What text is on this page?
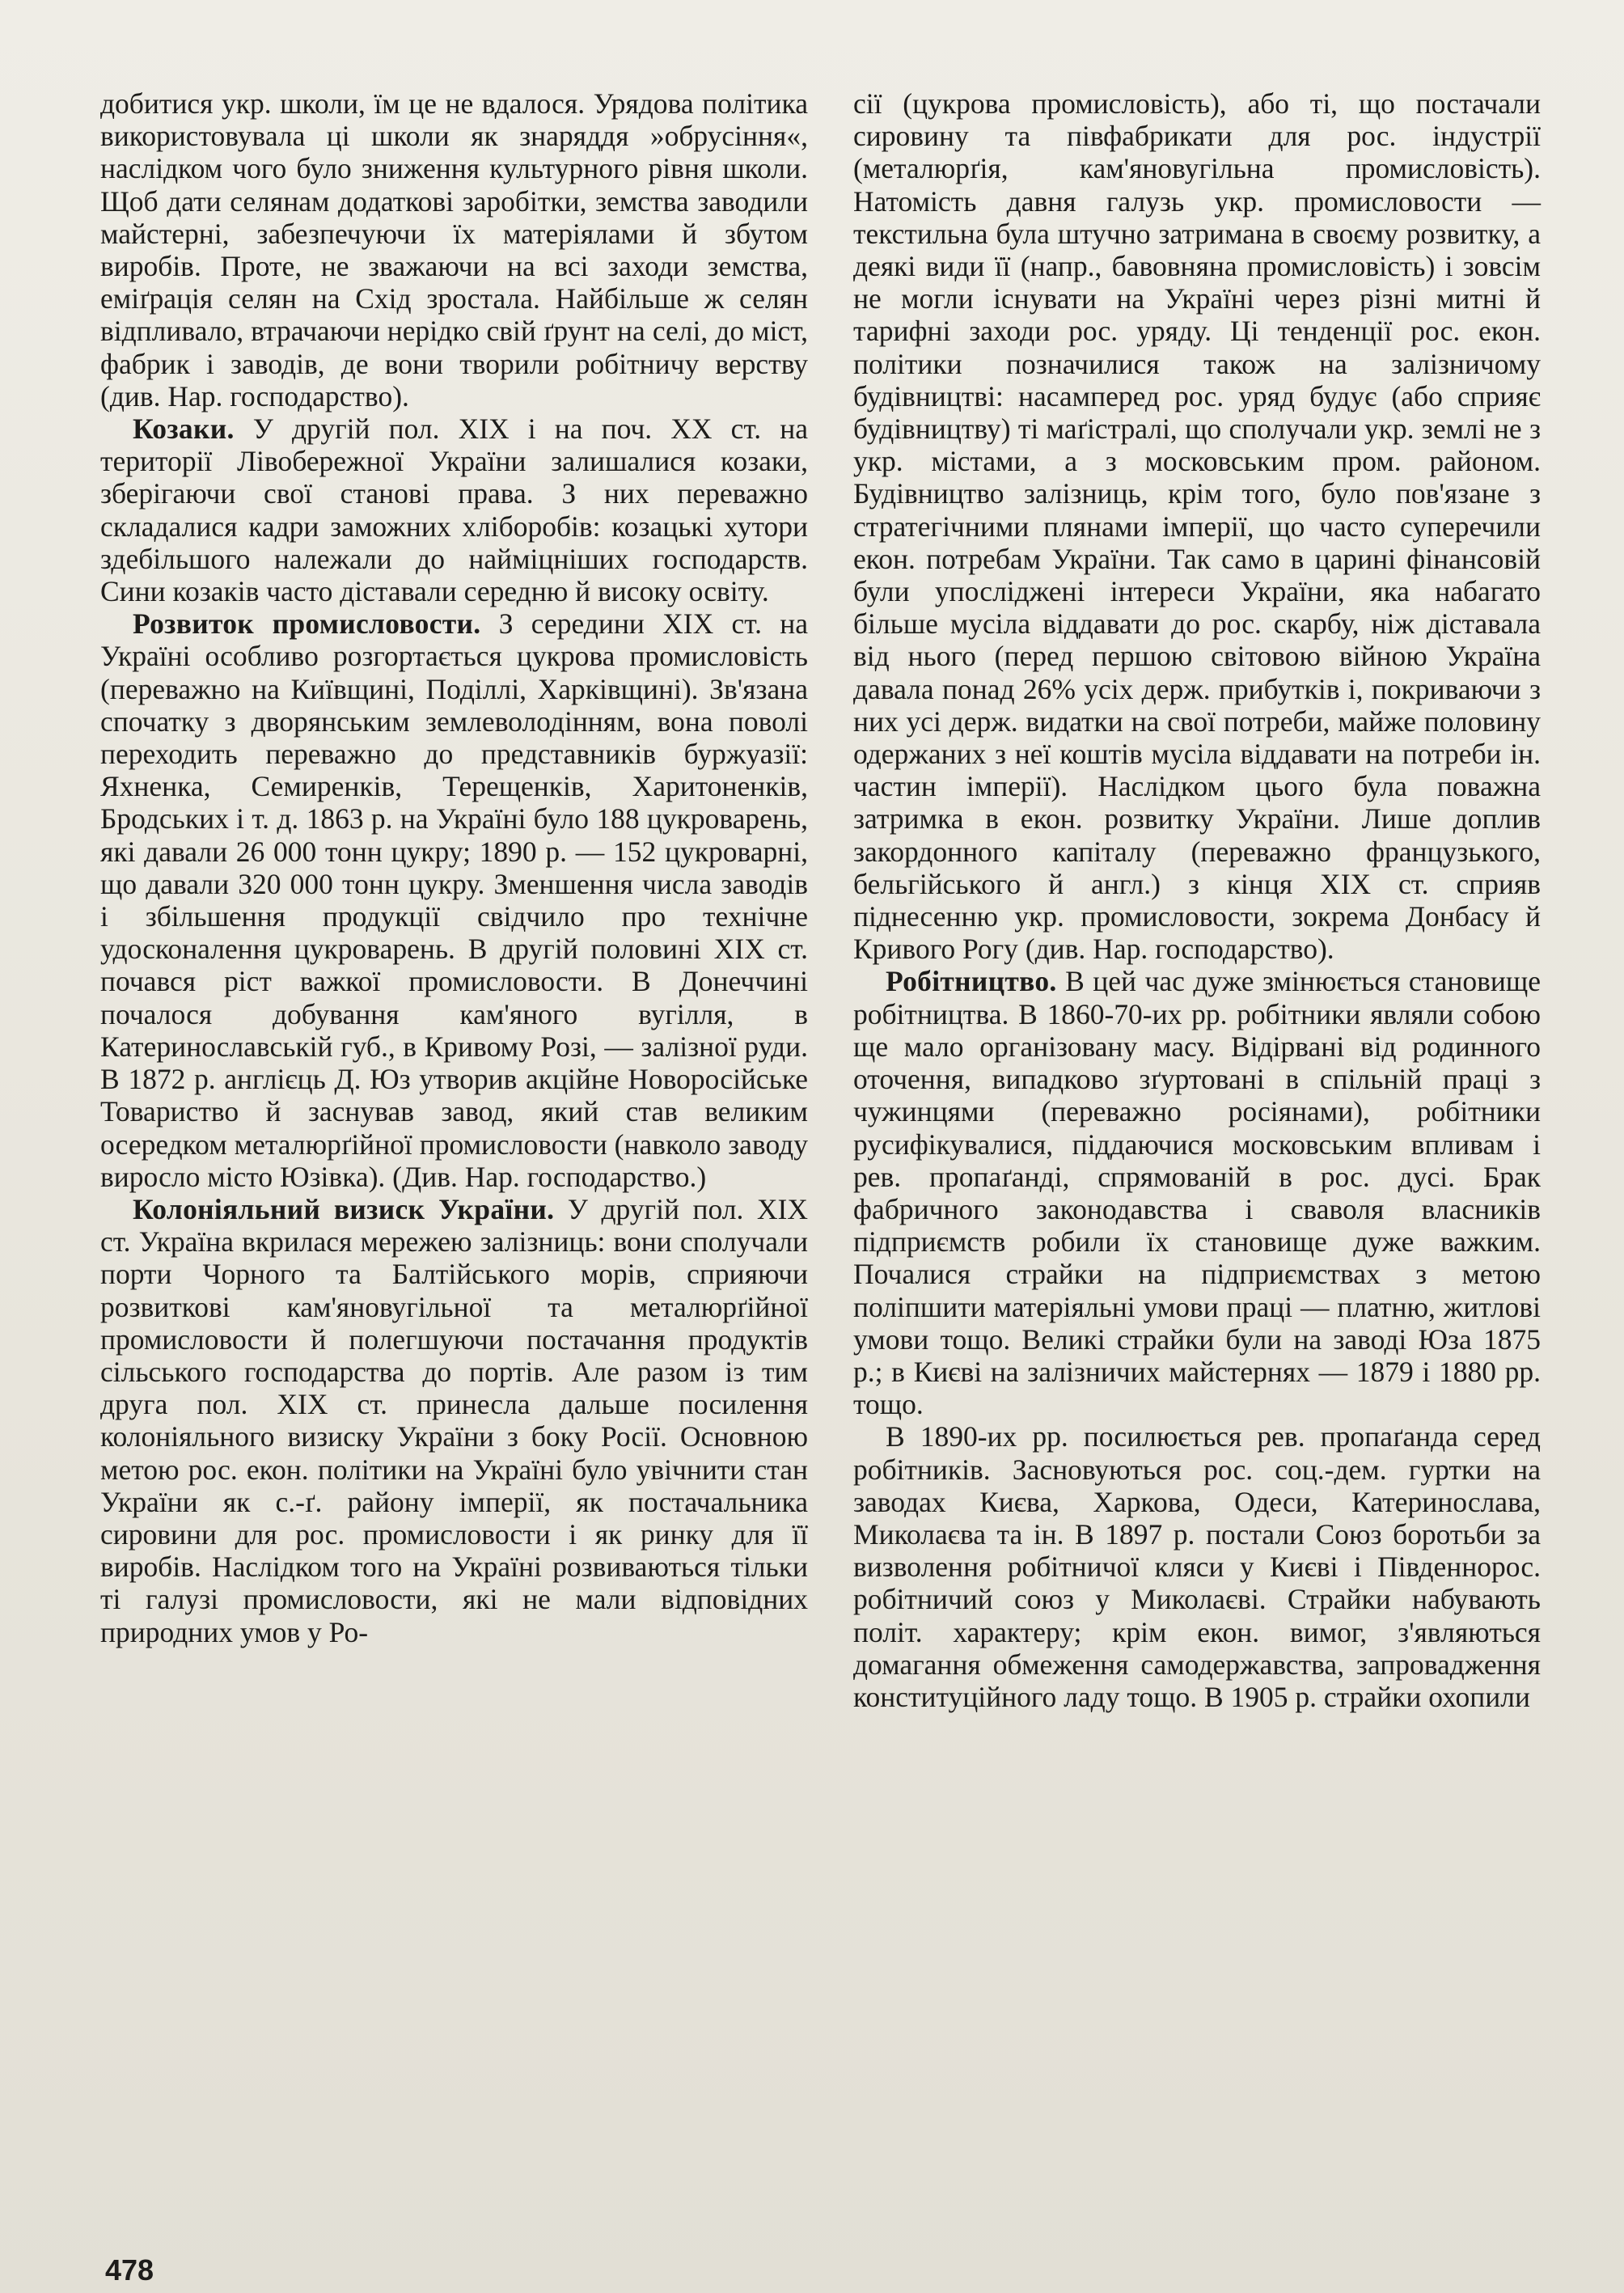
добитися укр. школи, їм це не вдалося. Урядова політика використовувала ці школи як знаряддя »обрусіння«, наслідком чого було зниження культурного рівня школи. Щоб дати селянам додаткові заробітки, земства заводили майстерні, забезпечуючи їх матеріялами й збутом виробів. Проте, не зважаючи на всі заходи земства, еміґрація селян на Схід зростала. Найбільше ж селян відпливало, втрачаючи нерідко свій ґрунт на селі, до міст, фабрик і заводів, де вони творили робітничу верству (див. Нар. господарство).

Козаки. У другій пол. XIX і на поч. XX ст. на території Лівобережної України залишалися козаки, зберігаючи свої станові права. З них переважно складалися кадри заможних хліборобів: козацькі хутори здебільшого належали до найміцніших господарств. Сини козаків часто діставали середню й високу освіту.

Розвиток промисловости. З середини XIX ст. на Україні особливо розгортається цукрова промисловість (переважно на Київщині, Поділлі, Харківщині). Зв'язана спочатку з дворянським землеволодінням, вона поволі переходить переважно до представників буржуазії: Яхненка, Семиренків, Терещенків, Харитоненків, Бродських і т. д. 1863 р. на Україні було 188 цукроварень, які давали 26 000 тонн цукру; 1890 р. — 152 цукроварні, що давали 320 000 тонн цукру. Зменшення числа заводів і збільшення продукції свідчило про технічне удосконалення цукроварень. В другій половині XIX ст. почався ріст важкої промисловости. В Донеччині почалося добування кам'яного вугілля, в Катеринославській губ., в Кривому Розі, — залізної руди. В 1872 р. англієць Д. Юз утворив акційне Новоросійське Товариство й заснував завод, який став великим осередком металюрґійної промисловости (навколо заводу виросло місто Юзівка). (Див. Нар. господарство.)

Колоніяльний визиск України. У другій пол. XIX ст. Україна вкрилася мережею залізниць: вони сполучали порти Чорного та Балтійського морів, сприяючи розвиткові кам'яновугільної та металюрґійної промисловости й полегшуючи постачання продуктів сільського господарства до портів. Але разом із тим друга пол. XIX ст. принесла дальше посилення колоніяльного визиску України з боку Росії. Основною метою рос. екон. політики на Україні було увічнити стан України як с.-ґ. району імперії, як постачальника сировини для рос. промисловости і як ринку для її виробів. Наслідком того на Україні розвиваються тільки ті галузі промисловости, які не мали відповідних природних умов у Ро-

сії (цукрова промисловість), або ті, що постачали сировину та півфабрикати для рос. індустрії (металюрґія, кам'яновугільна промисловість). Натомість давня галузь укр. промисловости — текстильна була штучно затримана в своєму розвитку, а деякі види її (напр., бавовняна промисловість) і зовсім не могли існувати на Україні через різні митні й тарифні заходи рос. уряду. Ці тенденції рос. екон. політики позначилися також на залізничому будівництві: насамперед рос. уряд будує (або сприяє будівництву) ті маґістралі, що сполучали укр. землі не з укр. містами, а з московським пром. районом. Будівництво залізниць, крім того, було пов'язане з стратегічними плянами імперії, що часто суперечили екон. потребам України. Так само в царині фінансовій були упосліджені інтереси України, яка набагато більше мусіла віддавати до рос. скарбу, ніж діставала від нього (перед першою світовою війною Україна давала понад 26% усіх держ. прибутків і, покриваючи з них усі держ. видатки на свої потреби, майже половину одержаних з неї коштів мусіла віддавати на потреби ін. частин імперії). Наслідком цього була поважна затримка в екон. розвитку України. Лише доплив закордонного капіталу (переважно французького, бельгійського й англ.) з кінця XIX ст. сприяв піднесенню укр. промисловости, зокрема Донбасу й Кривого Рогу (див. Нар. господарство).

Робітництво. В цей час дуже змінюється становище робітництва. В 1860-70-их рр. робітники являли собою ще мало організовану масу. Відірвані від родинного оточення, випадково зґуртовані в спільній праці з чужинцями (переважно росіянами), робітники русифікувалися, піддаючися московським впливам і рев. пропаґанді, спрямованій в рос. дусі. Брак фабричного законодавства і сваволя власників підприємств робили їх становище дуже важким. Почалися страйки на підприємствах з метою поліпшити матеріяльні умови праці — платню, житлові умови тощо. Великі страйки були на заводі Юза 1875 р.; в Києві на залізничих майстернях — 1879 і 1880 рр. тощо.

В 1890-их рр. посилюється рев. пропаґанда серед робітників. Засновуються рос. соц.-дем. гуртки на заводах Києва, Харкова, Одеси, Катеринослава, Миколаєва та ін. В 1897 р. постали Союз боротьби за визволення робітничої кляси у Києві і Південнорос. робітничий союз у Миколаєві. Страйки набувають політ. характеру; крім екон. вимог, з'являються домагання обмеження самодержавства, запровадження конституційного ладу тощо. В 1905 р. страйки охопили

478
